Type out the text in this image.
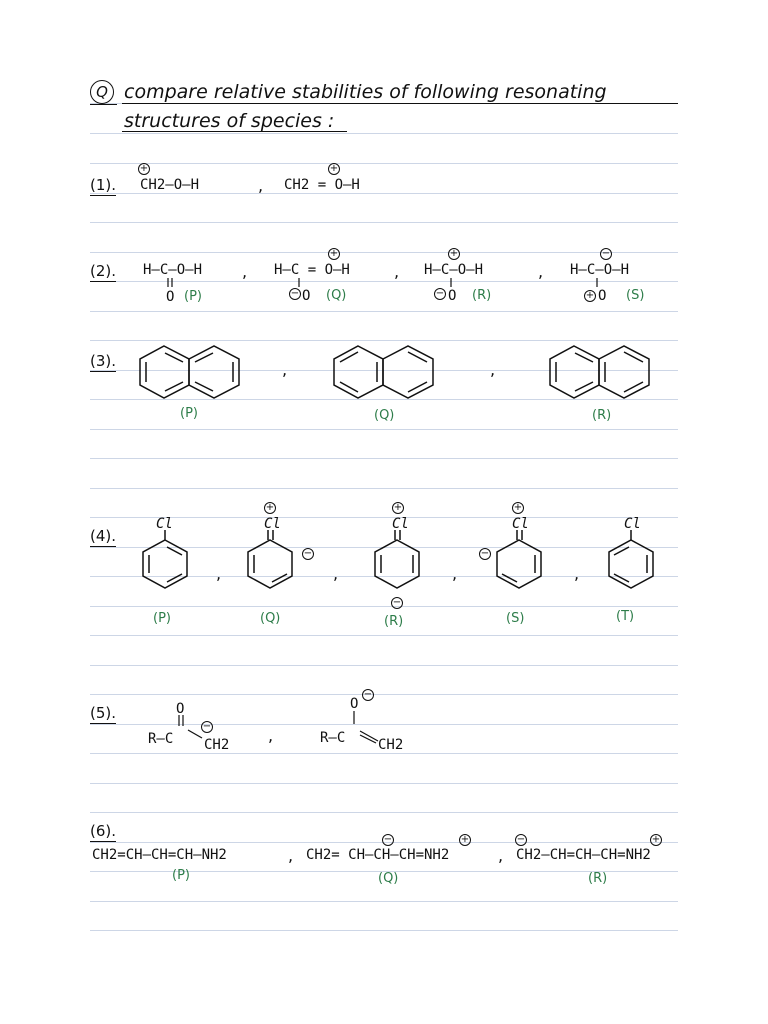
Q compare relative stabilities of following resonating
structures of species :
(1). CH2–O–H
+
, CH2 = O–H
+
(2). H–C–O–H
O (P)
, H–C = O–H
+
− O (Q)
, H–C–O–H
+
− O (R)
, H–C–O–H
−
+ O (S)
(3).
(P)
,
(Q)
,
(R)
(4).
Cl
(P)
,
+
Cl
−
(Q)
,
+
Cl
−
(R)
,
+
Cl
−
(S)
,
Cl
(T)
(5).	O
R–C
−
CH2 ,
O
−
R–C CH2
(6).
CH2=CH–CH=CH–NH2
(P)
, CH2= CH–CH–CH=NH2
−	+
(Q)
, CH2–CH=CH–CH=NH2
−	+
(R)
